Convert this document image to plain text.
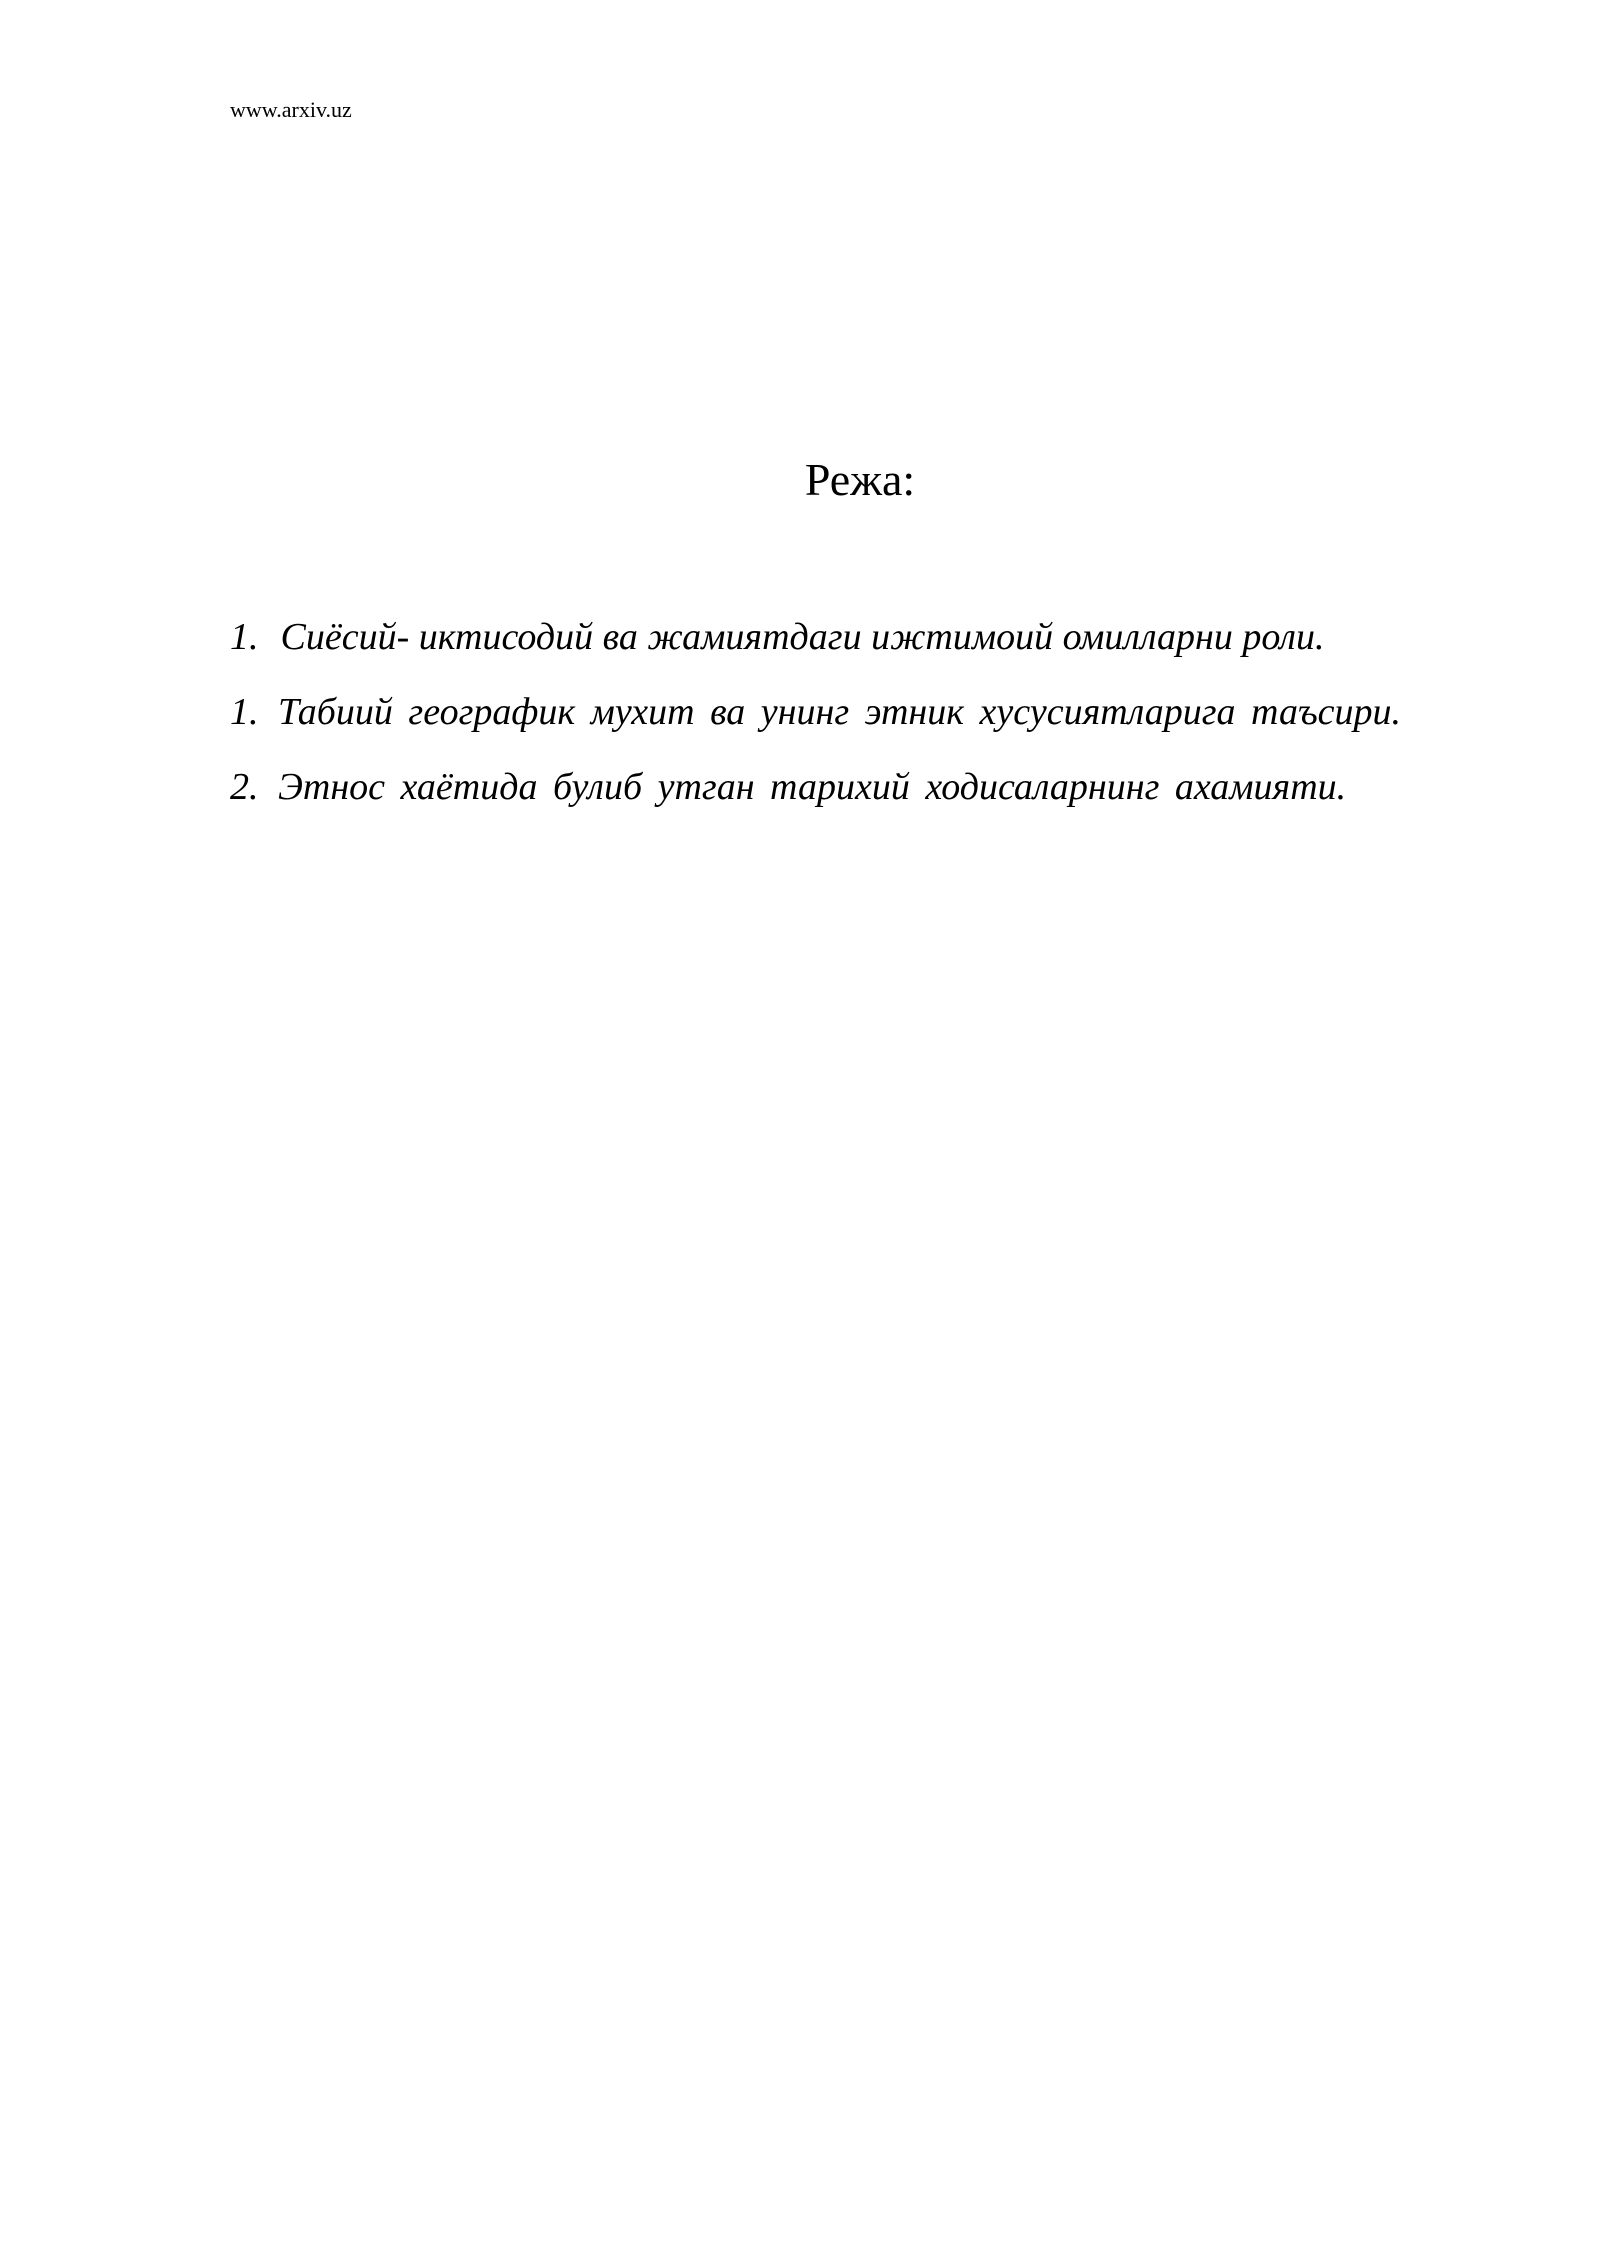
www.arxiv.uz
Режа:
1. Сиёсий- иктисодий ва жамиятдаги ижтимоий омилларни роли.
1. Табиий географик мухит ва унинг этник хусусиятларига таъсири.
2. Этнос хаётида булиб утган тарихий ходисаларнинг ахамияти.
